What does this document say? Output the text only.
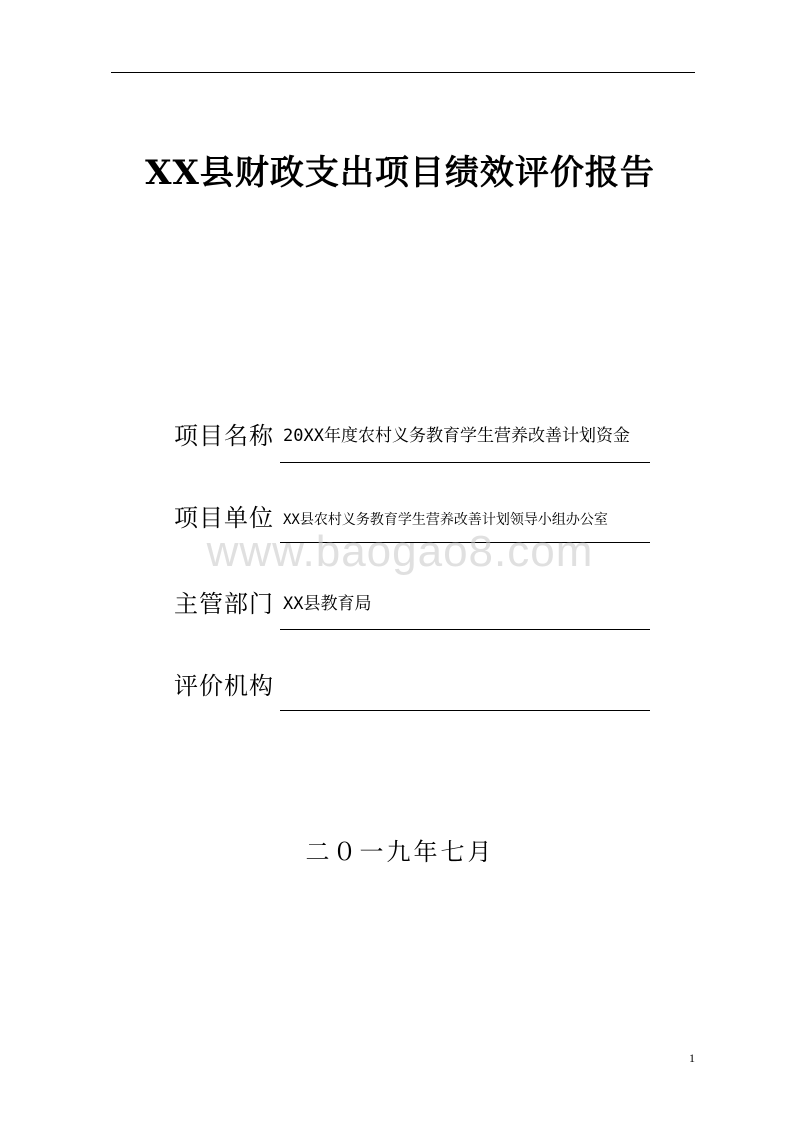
XX县财政支出项目绩效评价报告
项目名称 20XX年度农村义务教育学生营养改善计划资金
项目单位 XX县农村义务教育学生营养改善计划领导小组办公室
www.baogao8.com
主管部门 XX县教育局
评价机构
二０一九年七月
1
